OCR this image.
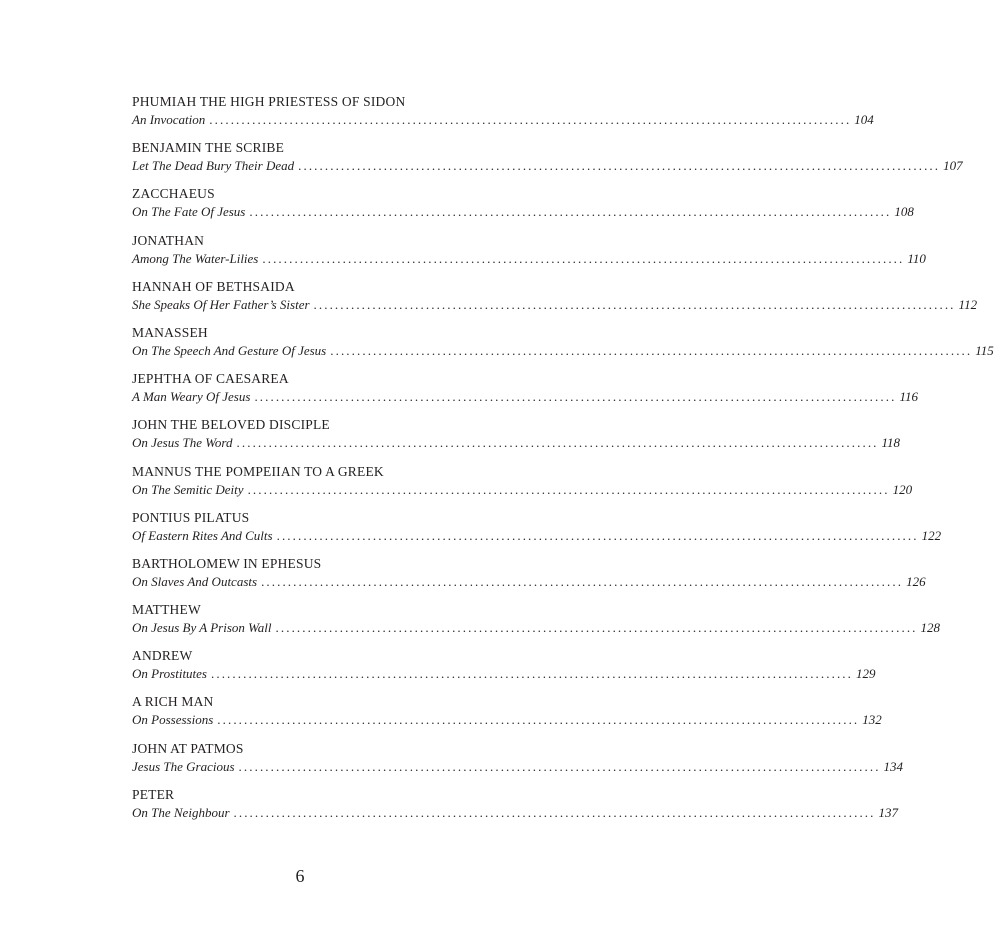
PHUMIAH THE HIGH PRIESTESS OF SIDON
An Invocation ........................................................................................................................ 104
BENJAMIN THE SCRIBE
Let The Dead Bury Their Dead ........................................................................................................................ 107
ZACCHAEUS
On The Fate Of Jesus ........................................................................................................................ 108
JONATHAN
Among The Water-Lilies ........................................................................................................................ 110
HANNAH OF BETHSAIDA
She Speaks Of Her Father’s Sister ........................................................................................................................ 112
MANASSEH
On The Speech And Gesture Of Jesus ........................................................................................................................ 115
JEPHTHA OF CAESAREA
A Man Weary Of Jesus ........................................................................................................................ 116
JOHN THE BELOVED DISCIPLE
On Jesus The Word ........................................................................................................................ 118
MANNUS THE POMPEIIAN TO A GREEK
On The Semitic Deity ........................................................................................................................ 120
PONTIUS PILATUS
Of Eastern Rites And Cults ........................................................................................................................ 122
BARTHOLOMEW IN EPHESUS
On Slaves And Outcasts ........................................................................................................................ 126
MATTHEW
On Jesus By A Prison Wall ........................................................................................................................ 128
ANDREW
On Prostitutes ........................................................................................................................ 129
A RICH MAN
On Possessions ........................................................................................................................ 132
JOHN AT PATMOS
Jesus The Gracious ........................................................................................................................ 134
PETER
On The Neighbour ........................................................................................................................ 137
6
